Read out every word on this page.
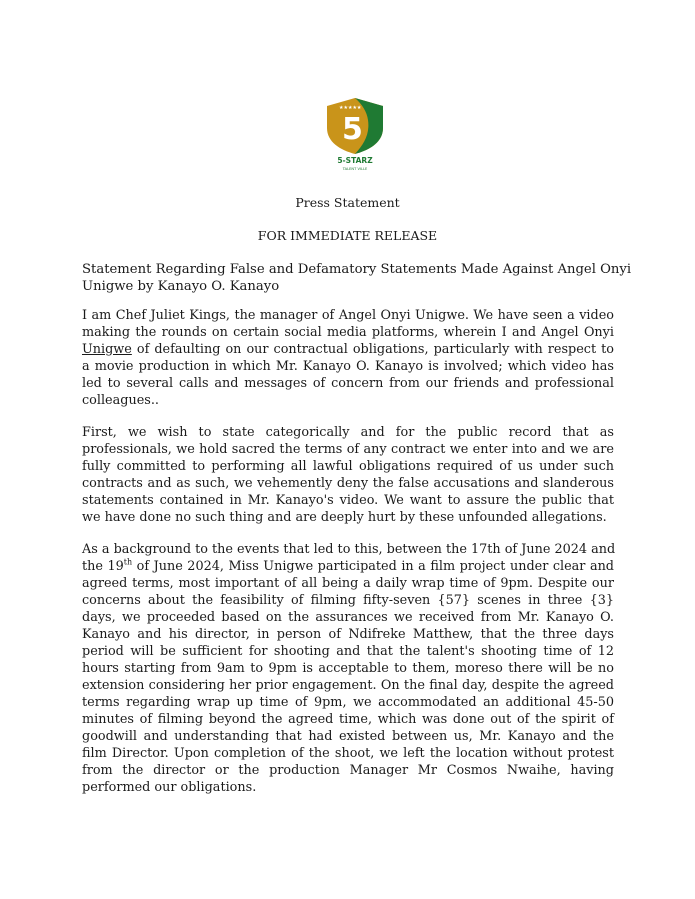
★★★★★
5
5-STARZ
TALENT VILLE
Press Statement
FOR IMMEDIATE RELEASE
Statement Regarding False and Defamatory Statements Made Against Angel Onyi
Unigwe by Kanayo O. Kanayo
I am Chef Juliet Kings, the manager of Angel Onyi Unigwe. We have seen a video
making the rounds on certain social media platforms, wherein I and Angel Onyi
Unigwe of defaulting on our contractual obligations, particularly with respect to
a movie production in which Mr. Kanayo O. Kanayo is involved; which video has
led to several calls and messages of concern from our friends and professional
colleagues..
First, we wish to state categorically and for the public record that as
professionals, we hold sacred the terms of any contract we enter into and we are
fully committed to performing all lawful obligations required of us under such
contracts and as such, we vehemently deny the false accusations and slanderous
statements contained in Mr. Kanayo's video. We want to assure the public that
we have done no such thing and are deeply hurt by these unfounded allegations.
As a background to the events that led to this, between the 17th of June 2024 and
the 19th of June 2024, Miss Unigwe participated in a film project under clear and
agreed terms, most important of all being a daily wrap time of 9pm. Despite our
concerns about the feasibility of filming fifty-seven {57} scenes in three {3}
days, we proceeded based on the assurances we received from Mr. Kanayo O.
Kanayo and his director, in person of Ndifreke Matthew, that the three days
period will be sufficient for shooting and that the talent's shooting time of 12
hours starting from 9am to 9pm is acceptable to them, moreso there will be no
extension considering her prior engagement. On the final day, despite the agreed
terms regarding wrap up time of 9pm, we accommodated an additional 45-50
minutes of filming beyond the agreed time, which was done out of the spirit of
goodwill and understanding that had existed between us, Mr. Kanayo and the
film Director. Upon completion of the shoot, we left the location without protest
from the director or the production Manager Mr Cosmos Nwaihe, having
performed our obligations.
